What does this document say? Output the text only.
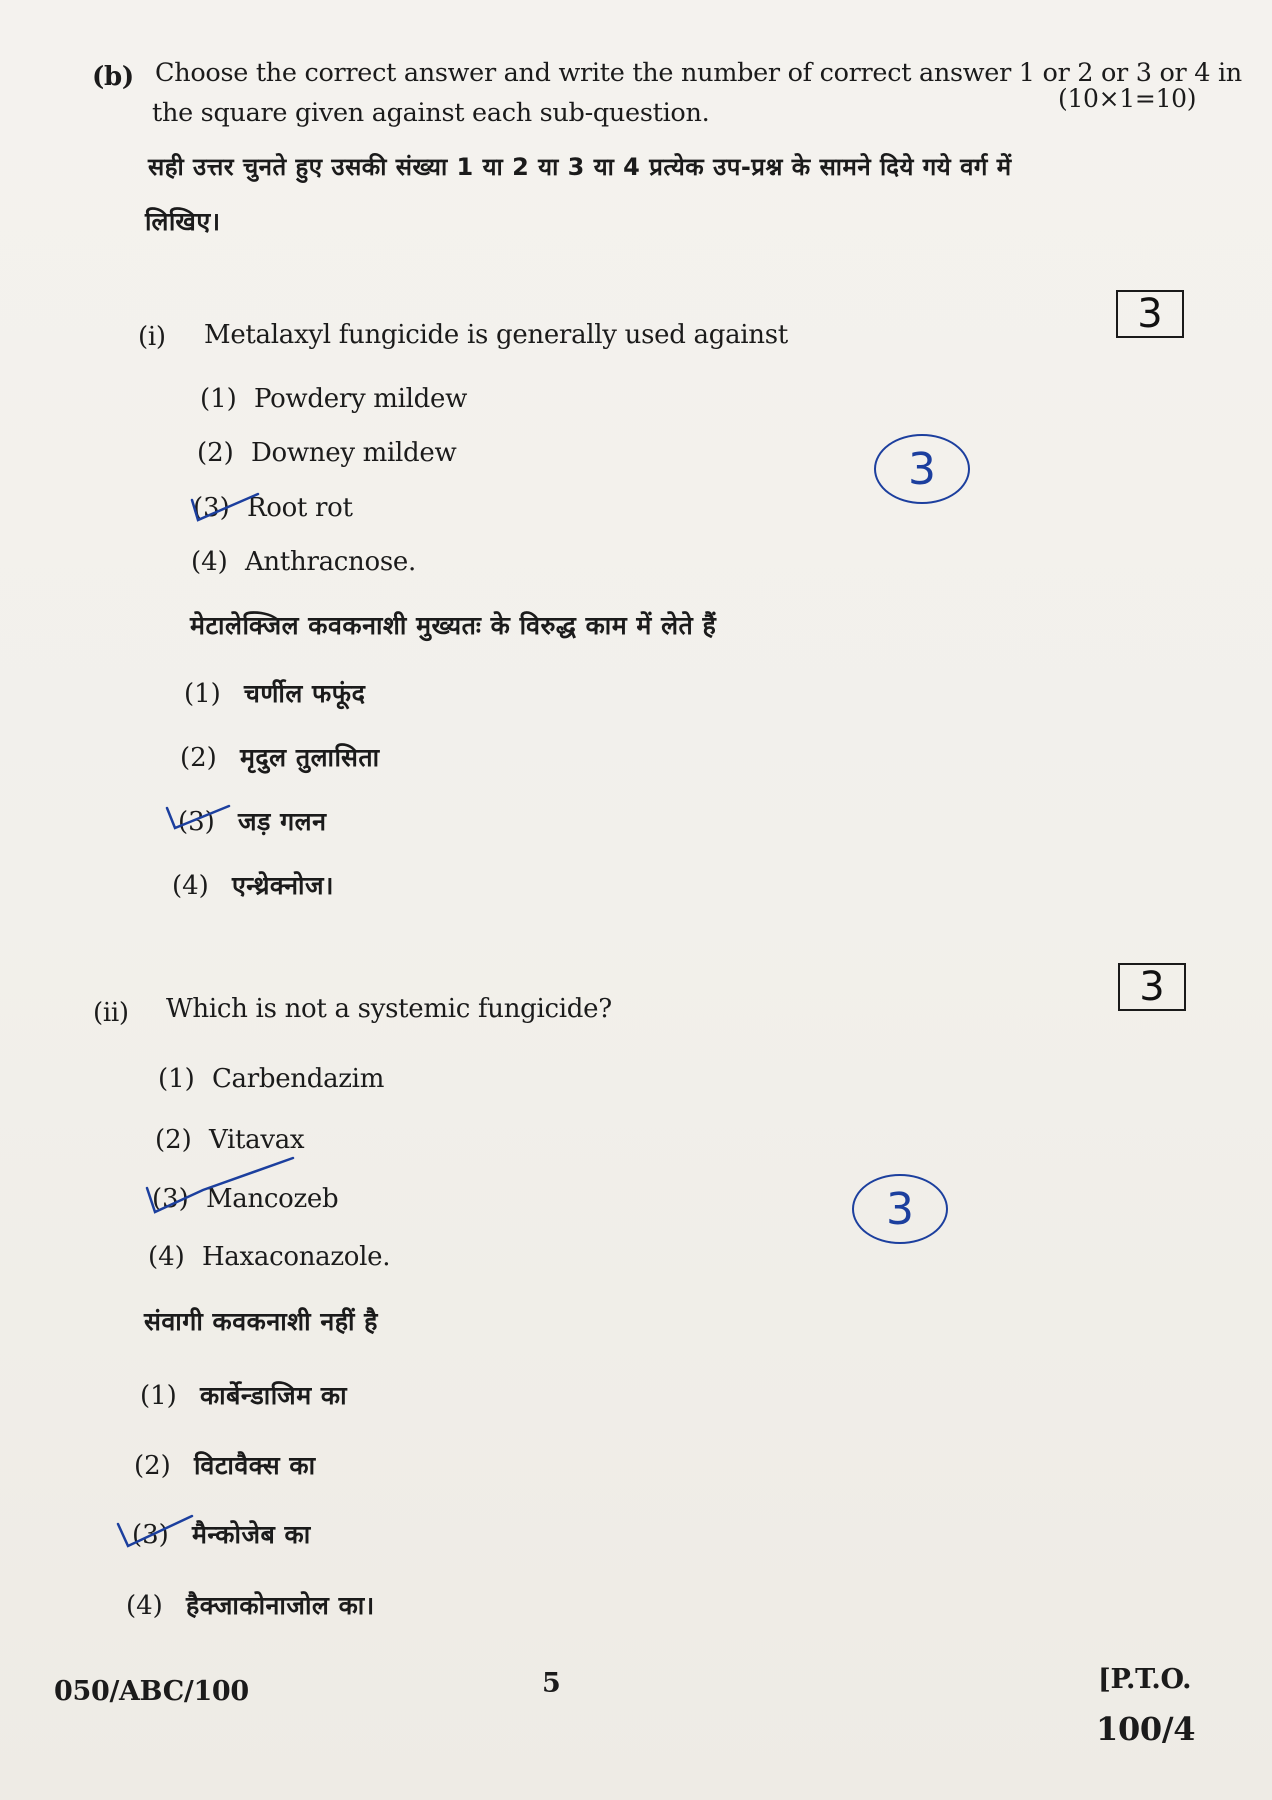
(b) Choose the correct answer and write the number of correct answer 1 or 2 or 3 or 4 in
the square given against each sub-question.	(10×1=10)
सही उत्तर चुनते हुए उसकी संख्या 1 या 2 या 3 या 4 प्रत्येक उप-प्रश्न के सामने दिये गये वर्ग में
लिखिए।
(i) Metalaxyl fungicide is generally used against	3
(1) Powdery mildew
(2) Downey mildew
(3) Root rot
(4) Anthracnose.
3
मेटालेक्जिल कवकनाशी मुख्यतः के विरुद्ध काम में लेते हैं
(1) चर्णील फफूंद
(2) मृदुल तुलासिता
(3) जड़ गलन
(4) एन्थ्रेक्नोज।
(ii) Which is not a systemic fungicide?	3
(1) Carbendazim
(2) Vitavax
(3) Mancozeb
(4) Haxaconazole.
3
संवागी कवकनाशी नहीं है
(1) कार्बेन्डाजिम का
(2) विटावैक्स का
(3) मैन्कोजेब का
(4) हैक्जाकोनाजोल का।
050/ABC/100	5	[P.T.O.
100/4
